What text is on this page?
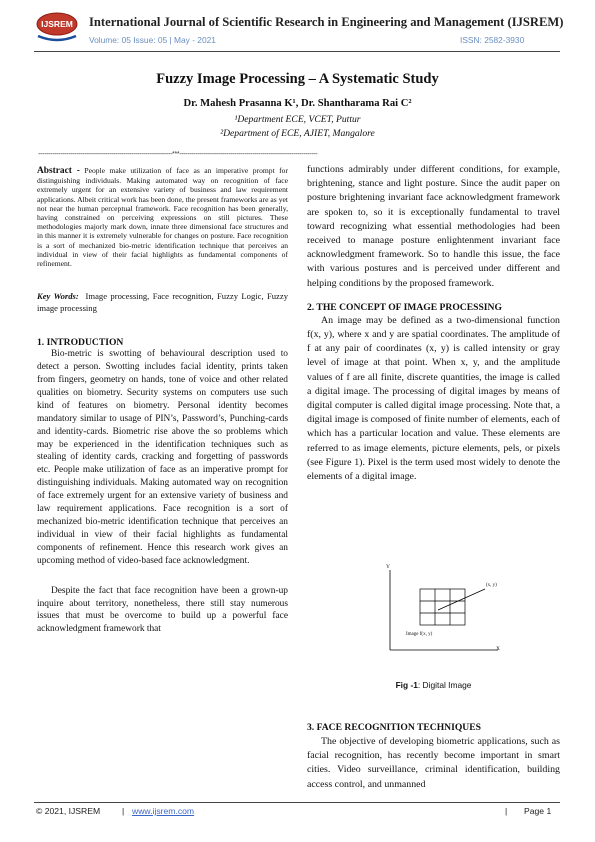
IJSREM International Journal of Scientific Research in Engineering and Management (IJSREM)
Volume: 05 Issue: 05 | May - 2021	ISSN: 2582-3930
Fuzzy Image Processing – A Systematic Study
Dr. Mahesh Prasanna K¹, Dr. Shantharama Rai C²
¹Department ECE, VCET, Puttur
²Department of ECE, AJIET, Mangalore
------------------------------------------------------------------***--------------------------------------------------------------------
Abstract - People make utilization of face as an imperative prompt for distinguishing individuals. Making automated way on recognition of face extremely urgent for an extensive variety of business and law requirement applications. Albeit critical work has been done, the present frameworks are as yet not near the human perceptual framework. Face recognition has been generally, having constrained on perceiving expressions on still pictures. These methodologies majorly mark down, innate three dimensional face structures and in this manner it is extremely vulnerable for changes on posture. Face recognition is a sort of mechanized bio-metric identification technique that perceives an individual in view of their facial highlights as fundamental components of refinement.
Key Words: Image processing, Face recognition, Fuzzy Logic, Fuzzy image processing
1. INTRODUCTION
Bio-metric is swotting of behavioural description used to detect a person. Swotting includes facial identity, prints taken from fingers, geometry on hands, tone of voice and other related qualities on biometry. Security systems on computers use such kind of features on biometry. Personal identity becomes mandatory similar to usage of PIN’s, Password’s, Punching-cards and identity-cards. Biometric rise above the so problems which may be experienced in the identification techniques such as stealing of identity cards, cracking and forgetting of passwords etc. People make utilization of face as an imperative prompt for distinguishing individuals. Making automated way on recognition of face extremely urgent for an extensive variety of business and law requirement applications. Face recognition is a sort of mechanized bio-metric identification technique that perceives an individual in view of their facial highlights as fundamental components of refinement. Hence this research work gives an upcoming method of video-based face acknowledgment.
Despite the fact that face recognition have been a grown-up inquire about territory, nonetheless, there still stay numerous issues that must be overcome to build up a powerful face acknowledgment framework that
functions admirably under different conditions, for example, brightening, stance and light posture. Since the audit paper on posture brightening invariant face acknowledgment framework are spoken to, so it is exceptionally fundamental to travel toward recognizing what essential methodologies had been received to manage posture enlightenment invariant face acknowledgment framework. So to handle this issue, the face with various postures and is perceived under different and helping conditions by the proposed framework.
2. THE CONCEPT OF IMAGE PROCESSING
An image may be defined as a two-dimensional function f(x, y), where x and y are spatial coordinates. The amplitude of f at any pair of coordinates (x, y) is called intensity or gray level of image at that point. When x, y, and the amplitude values of f are all finite, discrete quantities, the image is called a digital image. The processing of digital images by means of digital computer is called digital image processing. Note that, a digital image is composed of finite number of elements, each of which has a particular location and value. These elements are referred to as image elements, picture elements, pels, or pixels (see Figure 1). Pixel is the term used most widely to denote the elements of a digital image.
Y
X
(x, y)
Image f(x, y)
Fig -1: Digital Image
3. FACE RECOGNITION TECHNIQUES
The objective of developing biometric applications, such as facial recognition, has recently become important in smart cities. Video surveillance, criminal identification, building access control, and unmanned
© 2021, IJSREM	| www.ijsrem.com	| Page 1
